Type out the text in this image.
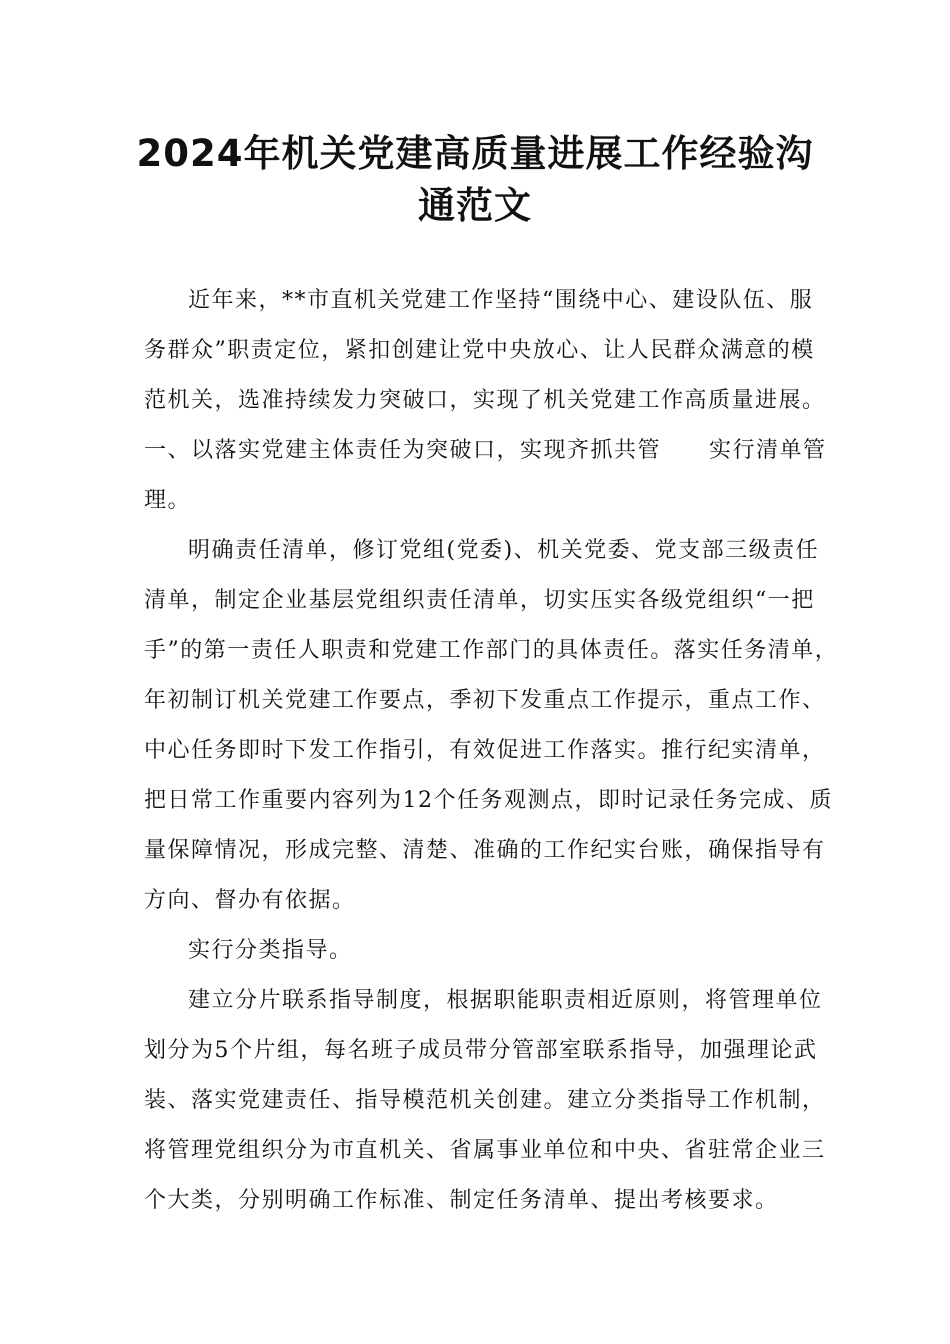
2024年机关党建高质量进展工作经验沟
通范文
近年来，**市直机关党建工作坚持“围绕中心、建设队伍、服
务群众”职责定位，紧扣创建让党中央放心、让人民群众满意的模
范机关，选准持续发力突破口，实现了机关党建工作高质量进展。
一、以落实党建主体责任为突破口，实现齐抓共管 实行清单管
理。
明确责任清单，修订党组(党委)、机关党委、党支部三级责任
清单，制定企业基层党组织责任清单，切实压实各级党组织“一把
手”的第一责任人职责和党建工作部门的具体责任。落实任务清单，
年初制订机关党建工作要点，季初下发重点工作提示，重点工作、
中心任务即时下发工作指引，有效促进工作落实。推行纪实清单，
把日常工作重要内容列为12个任务观测点，即时记录任务完成、质
量保障情况，形成完整、清楚、准确的工作纪实台账，确保指导有
方向、督办有依据。
实行分类指导。
建立分片联系指导制度，根据职能职责相近原则，将管理单位
划分为5个片组，每名班子成员带分管部室联系指导，加强理论武
装、落实党建责任、指导模范机关创建。建立分类指导工作机制，
将管理党组织分为市直机关、省属事业单位和中央、省驻常企业三
个大类，分别明确工作标准、制定任务清单、提出考核要求。
